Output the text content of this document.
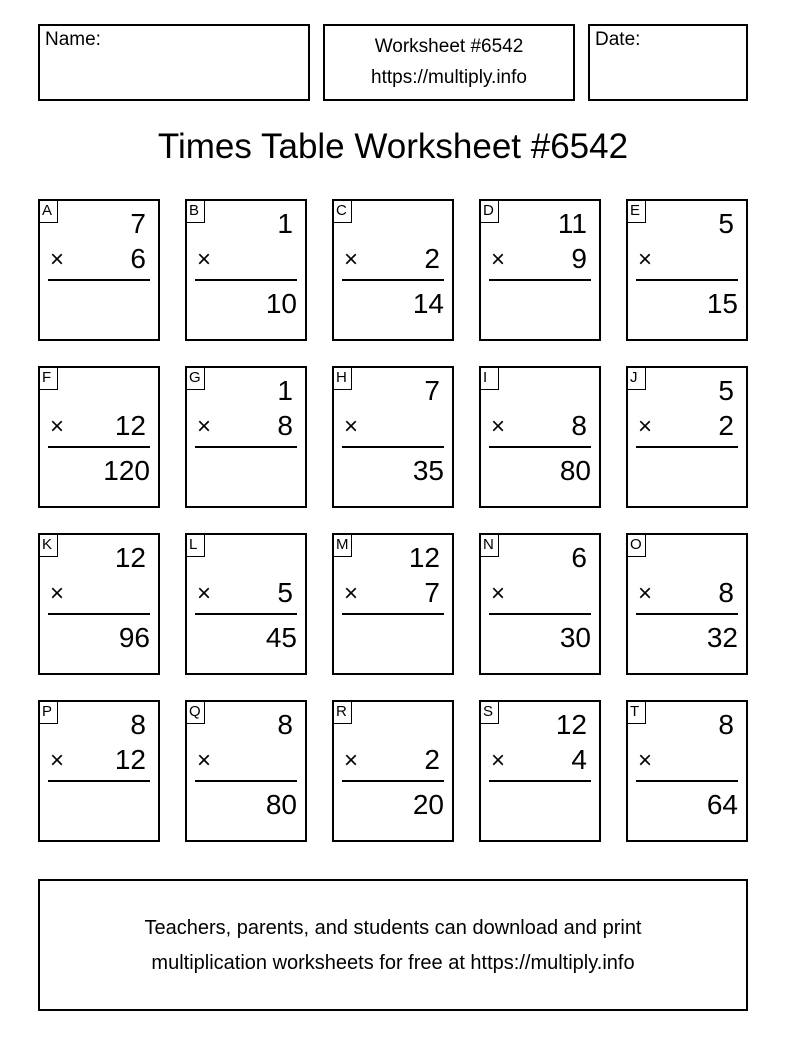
Name:	Worksheet #6542
https://multiply.info
Date:
Times Table Worksheet #6542
A	7
× 6
B	1
×
10
C
× 2
14
D 11
× 9
E	5
×
15
F
× 12
120
G	1
× 8
H	7
×
35
I
× 8
80
J	5
× 2
K 12
×
96
L
× 5
45
M 12
× 7
N	6
×
30
O
× 8
32
P	8
× 12
Q	8
×
80
R
× 2
20
S 12
× 4
T	8
×
64
Teachers, parents, and students can download and print
multiplication worksheets for free at https://multiply.info
